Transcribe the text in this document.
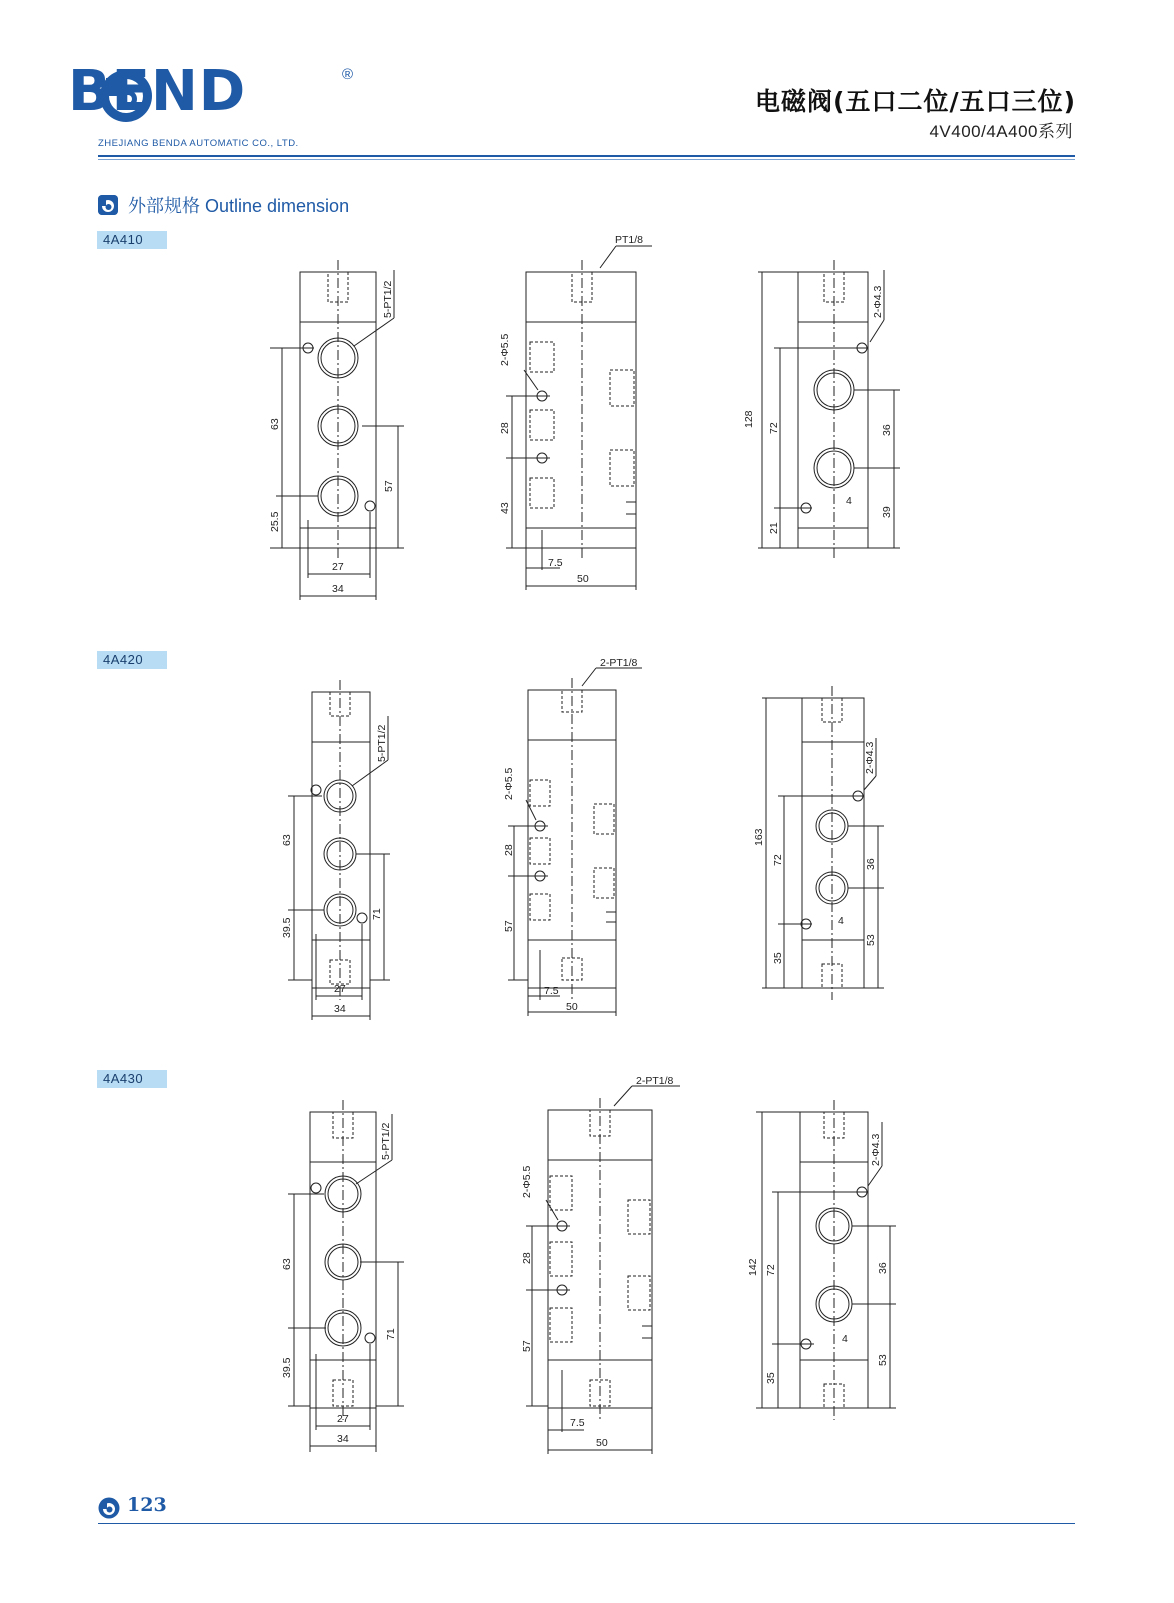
BEND	®
ZHEJIANG BENDA AUTOMATIC CO., LTD.
电磁阀(五口二位/五口三位)
4V400/4A400系列
外部规格 Outline dimension
4A410
4A420
4A430
63
25.5
57
27
34
5-PT1/2
PT1/8
2-Φ5.5
28
43
7.5
50
128
72
21
36
4
39
2-Φ4.3
63
39.5
71
27
34
5-PT1/2
2-PT1/8
2-Φ5.5
28
57
7.5
50
163
72
35
36
4
53
2-Φ4.3
63
39.5
71
27
34
5-PT1/2
2-PT1/8
2-Φ5.5
28
57
7.5
50
142 72
35
36
4
53
2-Φ4.3
123
